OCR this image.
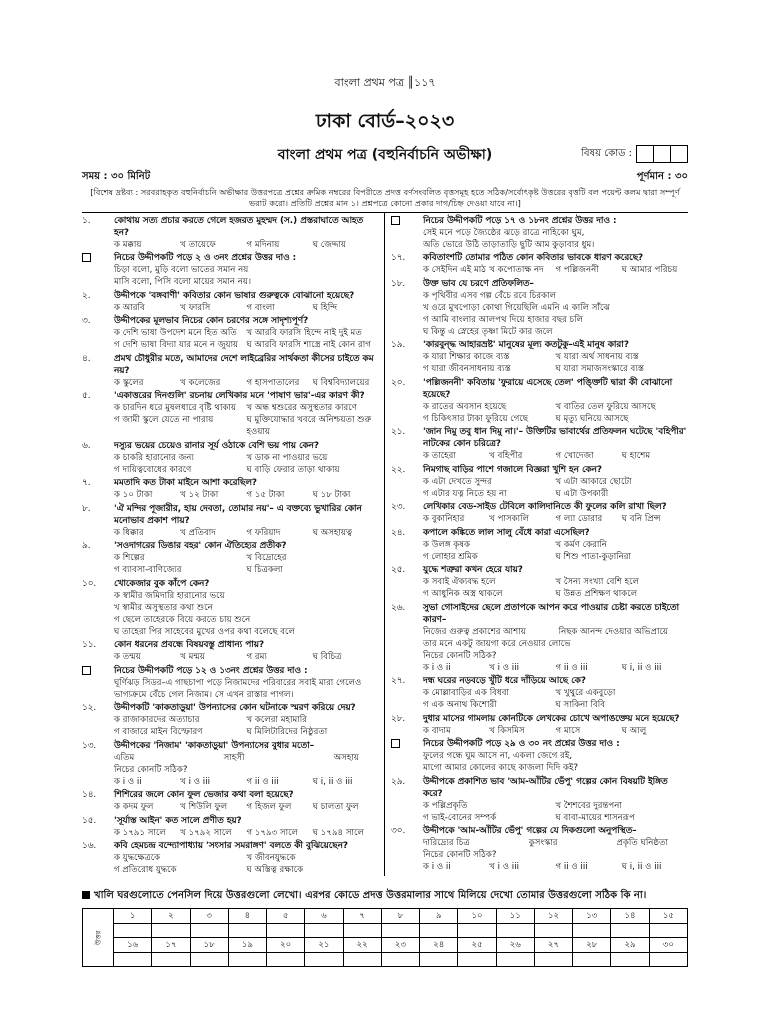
বাংলা প্রথম পত্র ║১১৭
ঢাকা বোর্ড–২০২৩
বাংলা প্রথম পত্র (বহুনির্বাচনি অভীক্ষা)	বিষয় কোড :
সময় : ৩০ মিনিট	পূর্ণমান : ৩০
[বিশেষ দ্রষ্টব্য : সরবরাহকৃত বহুনির্বাচনি অভীক্ষার উত্তরপত্রে প্রশ্নের ক্রমিক নম্বরের বিপরীতে প্রদত্ত বর্ণসংবলিত বৃত্তসমূহ হতে সঠিক/সর্বোৎকৃষ্ট উত্তরের বৃত্তটি বল পয়েন্ট কলম দ্বারা সম্পূর্ণ ভরাট করো। প্রতিটি প্রশ্নের মান ১। প্রশ্নপত্রে কোনো প্রকার দাগ/চিহ্ন দেওয়া যাবে না।]
১.	কোথায় সত্য প্রচার করতে গেলে হজরত মুহম্মদ (স.) প্রস্তরাঘাতে আহত হন?
ক মক্কায়	খ তায়েফে	গ মদিনায়	ঘ জেদ্দায়
নিচের উদ্দীপকটি পড়ে ২ ও ৩নং প্রশ্নের উত্তর দাও :
চিড়া বলো, মুড়ি বলো ভাতের সমান নয়
মাসি বলো, পিসি বলো মায়ের সমান নয়।
২.	উদ্দীপকে 'বঙ্গবাণী' কবিতার কোন ভাষার গুরুত্বকে বোঝানো হয়েছে?
ক আরবি	খ ফারসি	গ বাংলা	ঘ হিন্দি
৩.	উদ্দীপকের মূলভাব নিচের কোন চরণের সঙ্গে সাদৃশ্যপূর্ণ?
ক দেশি ভাষা উপদেশ মনে হিত অতি	খ আরবি ফারসি হিন্দে নাই দুই মত
গ দেশি ভাষা বিদ্যা যার মনে ন জুয়ায় ঘ আরবি ফারসি শাস্ত্রে নাই কোন রাগ
৪.	প্রমথ চৌধুরীর মতে, আমাদের দেশে লাইব্রেরির সার্থকতা কীসের চাইতে কম নয়?
ক স্কুলের	খ কলেজের	গ হাসপাতালের	ঘ বিশ্ববিদ্যালয়ের
৫.	'একাত্তরের দিনগুলি' রচনায় লেখিকার মনে 'পাষাণ ভার'-এর কারণ কী?
ক চারদিন ধরে মুষলধারে বৃষ্টি থাকায়	খ অন্ধ শ্বশুরের অসুস্থতার কারণে
গ জামী স্কুলে যেতে না পারায়	ঘ মুক্তিযোদ্ধার খবরে অনিশ্চয়তা শুরু হওয়ায়
৬.	দস্যুর ভয়ের চেয়েও রানার সূর্য ওঠাকে বেশি ভয় পায় কেন?
ক চাকরি হারানোর জন্য	খ ডাক না পাওয়ার ভয়ে
গ দায়িত্ববোধের কারণে	ঘ বাড়ি ফেরার তাড়া থাকায়
৭.	মমতাদি কত টাকা মাইনে আশা করেছিল?
ক ১০ টাকা	খ ১২ টাকা	গ ১৫ টাকা	ঘ ১৮ টাকা
৮.	'ঐ মন্দির পূজারীর, হায় দেবতা, তোমার নয়'– এ বক্তব্যে ভুখারির কোন মনোভাব প্রকাশ পায়?
ক ধিক্কার	খ প্রতিবাদ	গ ফরিয়াদ	ঘ অসহায়ত্ব
৯.	'সওদাগরের ডিঙার বহর' কোন ঐতিহ্যের প্রতীক?
ক শিল্পের	খ বিদ্রোহের
গ ব্যাবসা-বাণিজ্যের	ঘ চিত্রকলা
১০.	খোকেজার বুক কাঁপে কেন?
ক স্বামীর জমিদারি হারানোর ভয়ে
খ স্বামীর অসুস্থতার কথা শুনে
গ ছেলে তাহেরকে বিয়ে করতে চায় শুনে
ঘ তাহেরা পির সাহেবের মুখের ওপর কথা বলেছে বলে
১১.	কোন ধরনের প্রবন্ধে বিষয়বস্তু প্রাধান্য পায়?
ক তন্ময়	খ মন্ময়	গ রম্য	ঘ বিচিত্র
নিচের উদ্দীপকটি পড়ে ১২ ও ১৩নং প্রশ্নের উত্তর দাও :
ঘূর্ণিঝড় সিডর–এ গাছচাপা পড়ে নিজামদের পরিবারের সবাই মারা গেলেও ভাগ্যক্রমে বেঁচে গেল নিজাম। সে এখন রাস্তার পাগল।
১২.	উদ্দীপকটি 'কাকতাড়ুয়া' উপন্যাসের কোন ঘটনাকে স্মরণ করিয়ে দেয়?
ক রাজাকারদের অত্যাচার	খ কলেরা মহামারি
গ বাজারে মাইন বিস্ফোরণ	ঘ মিলিটারিদের নিষ্ঠুরতা
১৩.	উদ্দীপকের 'নিজাম' 'কাকতাড়ুয়া' উপন্যাসের বুধার মতো–
এতিম	সাহসী	অসহায়
নিচের কোনটি সঠিক?
ক i ও ii	খ i ও iii	গ ii ও iii	ঘ i, ii ও iii
১৪.	শিশিরের জলে কোন ফুল ভেজার কথা বলা হয়েছে?
ক কদম ফুল	খ শিউলি ফুল	গ হিজল ফুল	ঘ চালতা ফুল
১৫.	'সূর্যাস্ত আইন' কত সালে প্রণীত হয়?
ক ১৭৯১ সালে	খ ১৭৯২ সালে	গ ১৭৯৩ সালে	ঘ ১৭৯৪ সালে
১৬.	কবি হেমচন্দ্র বন্দ্যোপাধ্যায় 'সংসার সমরাঙ্গণ' বলতে কী বুঝিয়েছেন?
ক যুদ্ধক্ষেত্রকে	খ জীবনযুদ্ধকে
গ প্রতিরোধ যুদ্ধকে	ঘ অস্তিত্ব রক্ষাকে
নিচের উদ্দীপকটি পড়ে ১৭ ও ১৮নং প্রশ্নের উত্তর দাও :
সেই মনে পড়ে জ্যৈষ্ঠের ঝড়ে রাত্রে নাহিকো ঘুম,
অতি ভোরে উঠি তাড়াতাড়ি ছুটি আম কুড়াবার ধুম।
১৭.	কবিতাংশটি তোমার পঠিত কোন কবিতার ভাবকে ধারণ করেছে?
ক সেইদিন এই মাঠ খ কপোতাক্ষ নদ	গ পল্লিজননী	ঘ আমার পরিচয়
১৮.	উক্ত ভাব যে চরণে প্রতিফলিত–
ক পৃথিবীর এসব গল্প বেঁচে রবে চিরকাল
খ ওরে মুখপোড়া কোথা গিয়েছিলি এমনি এ কালি সাঁঝে
গ আমি বাংলার আলপথ দিয়ে হাজার বছর চলি
ঘ কিন্তু এ স্নেহের তৃষ্ণা মিটে কার জলে
১৯.	'কারবুন্দ্ধ আহারভ্রষ্ট' মানুষের মূল্য কতটুকু–এই মানুষ কারা?
ক যারা শিক্ষার কাজে ব্যস্ত	খ যারা অর্থ সাধনায় ব্যস্ত
গ যারা জীবনসাধনায় ব্যস্ত	ঘ যারা সমাজসংস্কারে ব্যস্ত
২০.	'পল্লিজননী' কবিতায় 'ফুরায়ে এসেছে তেল' পঙ্ক্তিটি দ্বারা কী বোঝানো হয়েছে?
ক রাতের অবসান হয়েছে	খ বাতির তেল ফুরিয়ে আসছে
গ চিকিৎসার টাকা ফুরিয়ে গেছে	ঘ মৃত্যু ঘনিয়ে আসছে
২১.	'জান দিমু তবু ধান দিমু না।'– উক্তিটির ভাবার্থের প্রতিফলন ঘটেছে 'বহিপীর' নাটকের কোন চরিত্রে?
ক তাহেরা	খ বহিপীর	গ খোদেজা	ঘ হাশেম
২২.	নিমগাছ বাড়ির পাশে গজালে বিজ্ঞরা খুশি হন কেন?
ক এটা দেখতে সুন্দর	খ এটা আকারে ছোটো
গ এটার যত্ন নিতে হয় না	ঘ এটা উপকারী
২৩.	লেখিকার বেড-সাইড টেবিলে কালিদানিতে কী ফুলের কলি রাখা ছিল?
ক বুকানিহার	খ পাসকালি	গ ল্যা ডোরার	ঘ বনি প্রিন্স
২৪.	কপালে কঙ্কিতে লাল সালু বেঁধে কারা এসেছিল?
ক উলঙ্গ কৃষক	খ কর্মণ কেরানি
গ লোহার শ্রমিক	ঘ শিশু পাতা-কুড়ানিরা
২৫.	যুদ্ধে শত্রুরা কখন হেরে যায়?
ক সবাই ঐক্যবদ্ধ হলে	খ সৈন্য সংখ্যা বেশি হলে
গ আধুনিক অস্ত্র থাকলে	ঘ উন্নত প্রশিক্ষণ থাকলে
২৬.	সুভা গোসাইদের ছেলে প্রতাপকে আপন করে পাওয়ার চেষ্টা করতে চাইতো কারণ–
নিজের গুরুত্ব প্রকাশের আশায়	নিছক আনন্দ দেওয়ার অভিপ্রায়ে
তার মনে একটু জায়গা করে নেওয়ার লোভে
নিচের কোনটি সঠিক?
ক i ও ii	খ i ও iii	গ ii ও iii	ঘ i, ii ও iii
২৭.	দন্ধ ঘরের নড়বড়ে খুঁটি ধরে দাঁড়িয়ে আছে কে?
ক মোল্লাবাড়ির এক বিধবা	খ খুথুরে একবুড়ো
গ এক অনাথ কিশোরী	ঘ সাকিনা বিবি
২৮.	দুধার মাসের গামলায় কোনটিকে লেখকের চোখে অপাঙক্তেয় মনে হয়েছে?
ক বাদাম	খ কিসমিস	গ মাসে	ঘ আলু
নিচের উদ্দীপকটি পড়ে ২৯ ও ৩০ নং প্রশ্নের উত্তর দাও :
ফুলের গন্ধে ঘুম আসে না, একলা জেগে রই,
মাগো আমার কোলের কাছে কাজলা দিদি কই?
২৯.	উদ্দীপকে প্রকাশিত ভাব 'আম-আঁটির ভেঁপু' গল্পের কোন বিষয়টি ইঙ্গিত করে?
ক পল্লিপ্রকৃতি	খ শৈশবের দুরন্তপনা
গ ভাই-বোনের সম্পর্ক	ঘ বাবা-মায়ের শাসনরূপ
৩০.	উদ্দীপকে 'আম-আঁটির ভেঁপু' গল্পের যে দিকগুলো অনুপস্থিত–
দারিদ্র্যের চিত্র	কুসংস্কার	প্রকৃতি ঘনিষ্ঠতা
নিচের কোনটি সঠিক?
ক i ও ii	খ i ও iii	গ ii ও iii	ঘ i, ii ও iii
খালি ঘরগুলোতে পেনসিল দিয়ে উত্তরগুলো লেখো। এরপর কোডে প্রদত্ত উত্তরমালার সাথে মিলিয়ে দেখো তোমার উত্তরগুলো সঠিক কি না।
উত্তর	১	২	৩	৪	৫	৬	৭	৮	৯	১০	১১	১২	১৩	১৪	১৫

	১৬	১৭	১৮	১৯	২০	২১	২২	২৩	২৪	২৫	২৬	২৭	২৮	২৯	৩০
